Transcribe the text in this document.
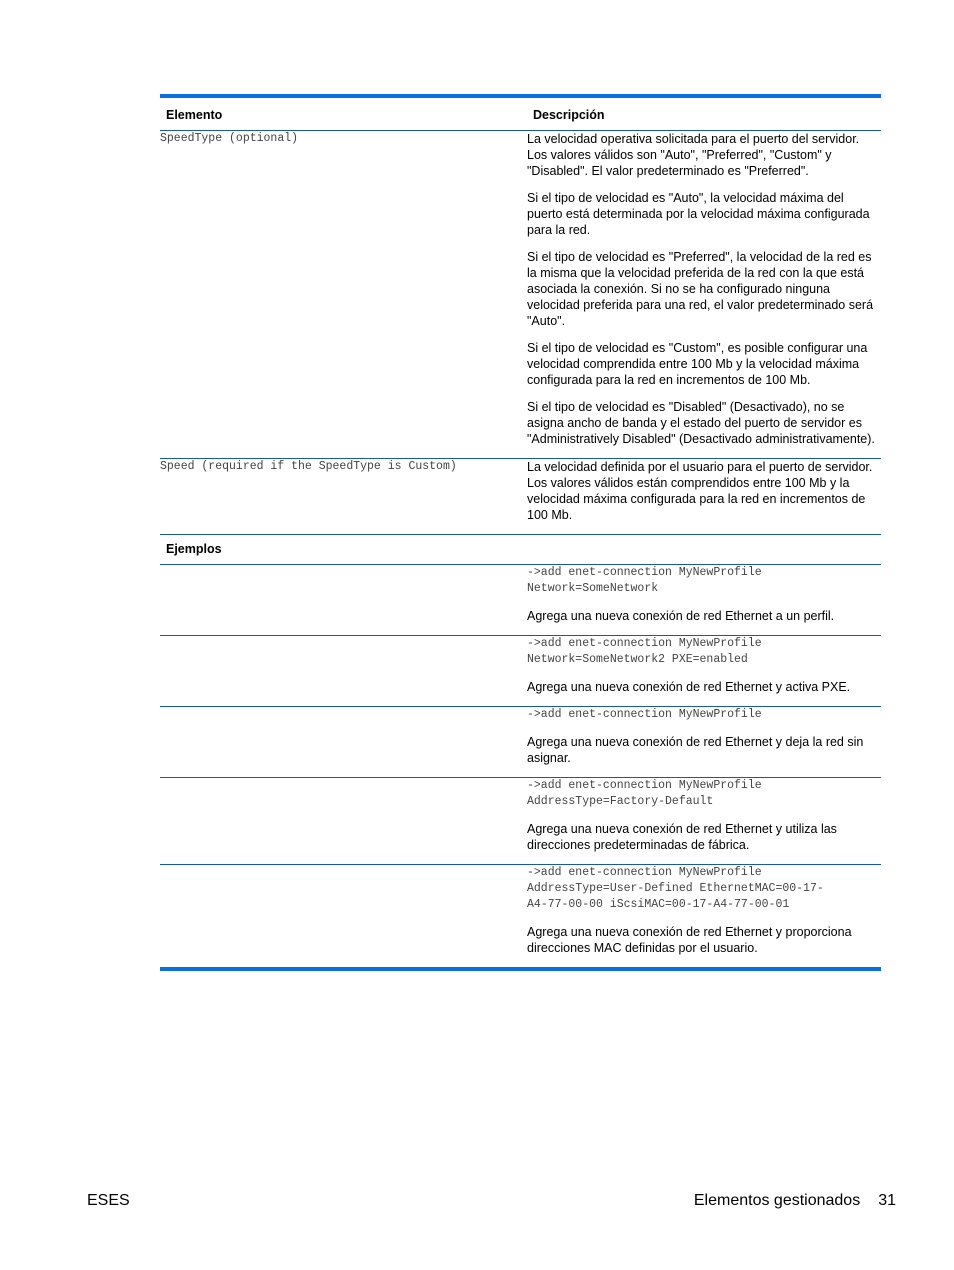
Elemento	Descripción
SpeedType (optional)	La velocidad operativa solicitada para el puerto del servidor. Los valores válidos son "Auto", "Preferred", "Custom" y "Disabled". El valor predeterminado es "Preferred".

Si el tipo de velocidad es "Auto", la velocidad máxima del puerto está determinada por la velocidad máxima configurada para la red.

Si el tipo de velocidad es "Preferred", la velocidad de la red es la misma que la velocidad preferida de la red con la que está asociada la conexión. Si no se ha configurado ninguna velocidad preferida para una red, el valor predeterminado será "Auto".

Si el tipo de velocidad es "Custom", es posible configurar una velocidad comprendida entre 100 Mb y la velocidad máxima configurada para la red en incrementos de 100 Mb.

Si el tipo de velocidad es "Disabled" (Desactivado), no se asigna ancho de banda y el estado del puerto de servidor es "Administratively Disabled" (Desactivado administrativamente).

Speed (required if the SpeedType is Custom)	La velocidad definida por el usuario para el puerto de servidor. Los valores válidos están comprendidos entre 100 Mb y la velocidad máxima configurada para la red en incrementos de 100 Mb.

Ejemplos	

	->add enet-connection MyNewProfile
Network=SomeNetwork

Agrega una nueva conexión de red Ethernet a un perfil.

	->add enet-connection MyNewProfile
Network=SomeNetwork2 PXE=enabled

Agrega una nueva conexión de red Ethernet y activa PXE.

	->add enet-connection MyNewProfile

Agrega una nueva conexión de red Ethernet y deja la red sin asignar.

	->add enet-connection MyNewProfile
AddressType=Factory-Default

Agrega una nueva conexión de red Ethernet y utiliza las direcciones predeterminadas de fábrica.

	->add enet-connection MyNewProfile
AddressType=User-Defined EthernetMAC=00-17-
A4-77-00-00 iScsiMAC=00-17-A4-77-00-01

Agrega una nueva conexión de red Ethernet y proporciona direcciones MAC definidas por el usuario.

ESES	Elementos gestionados 31
